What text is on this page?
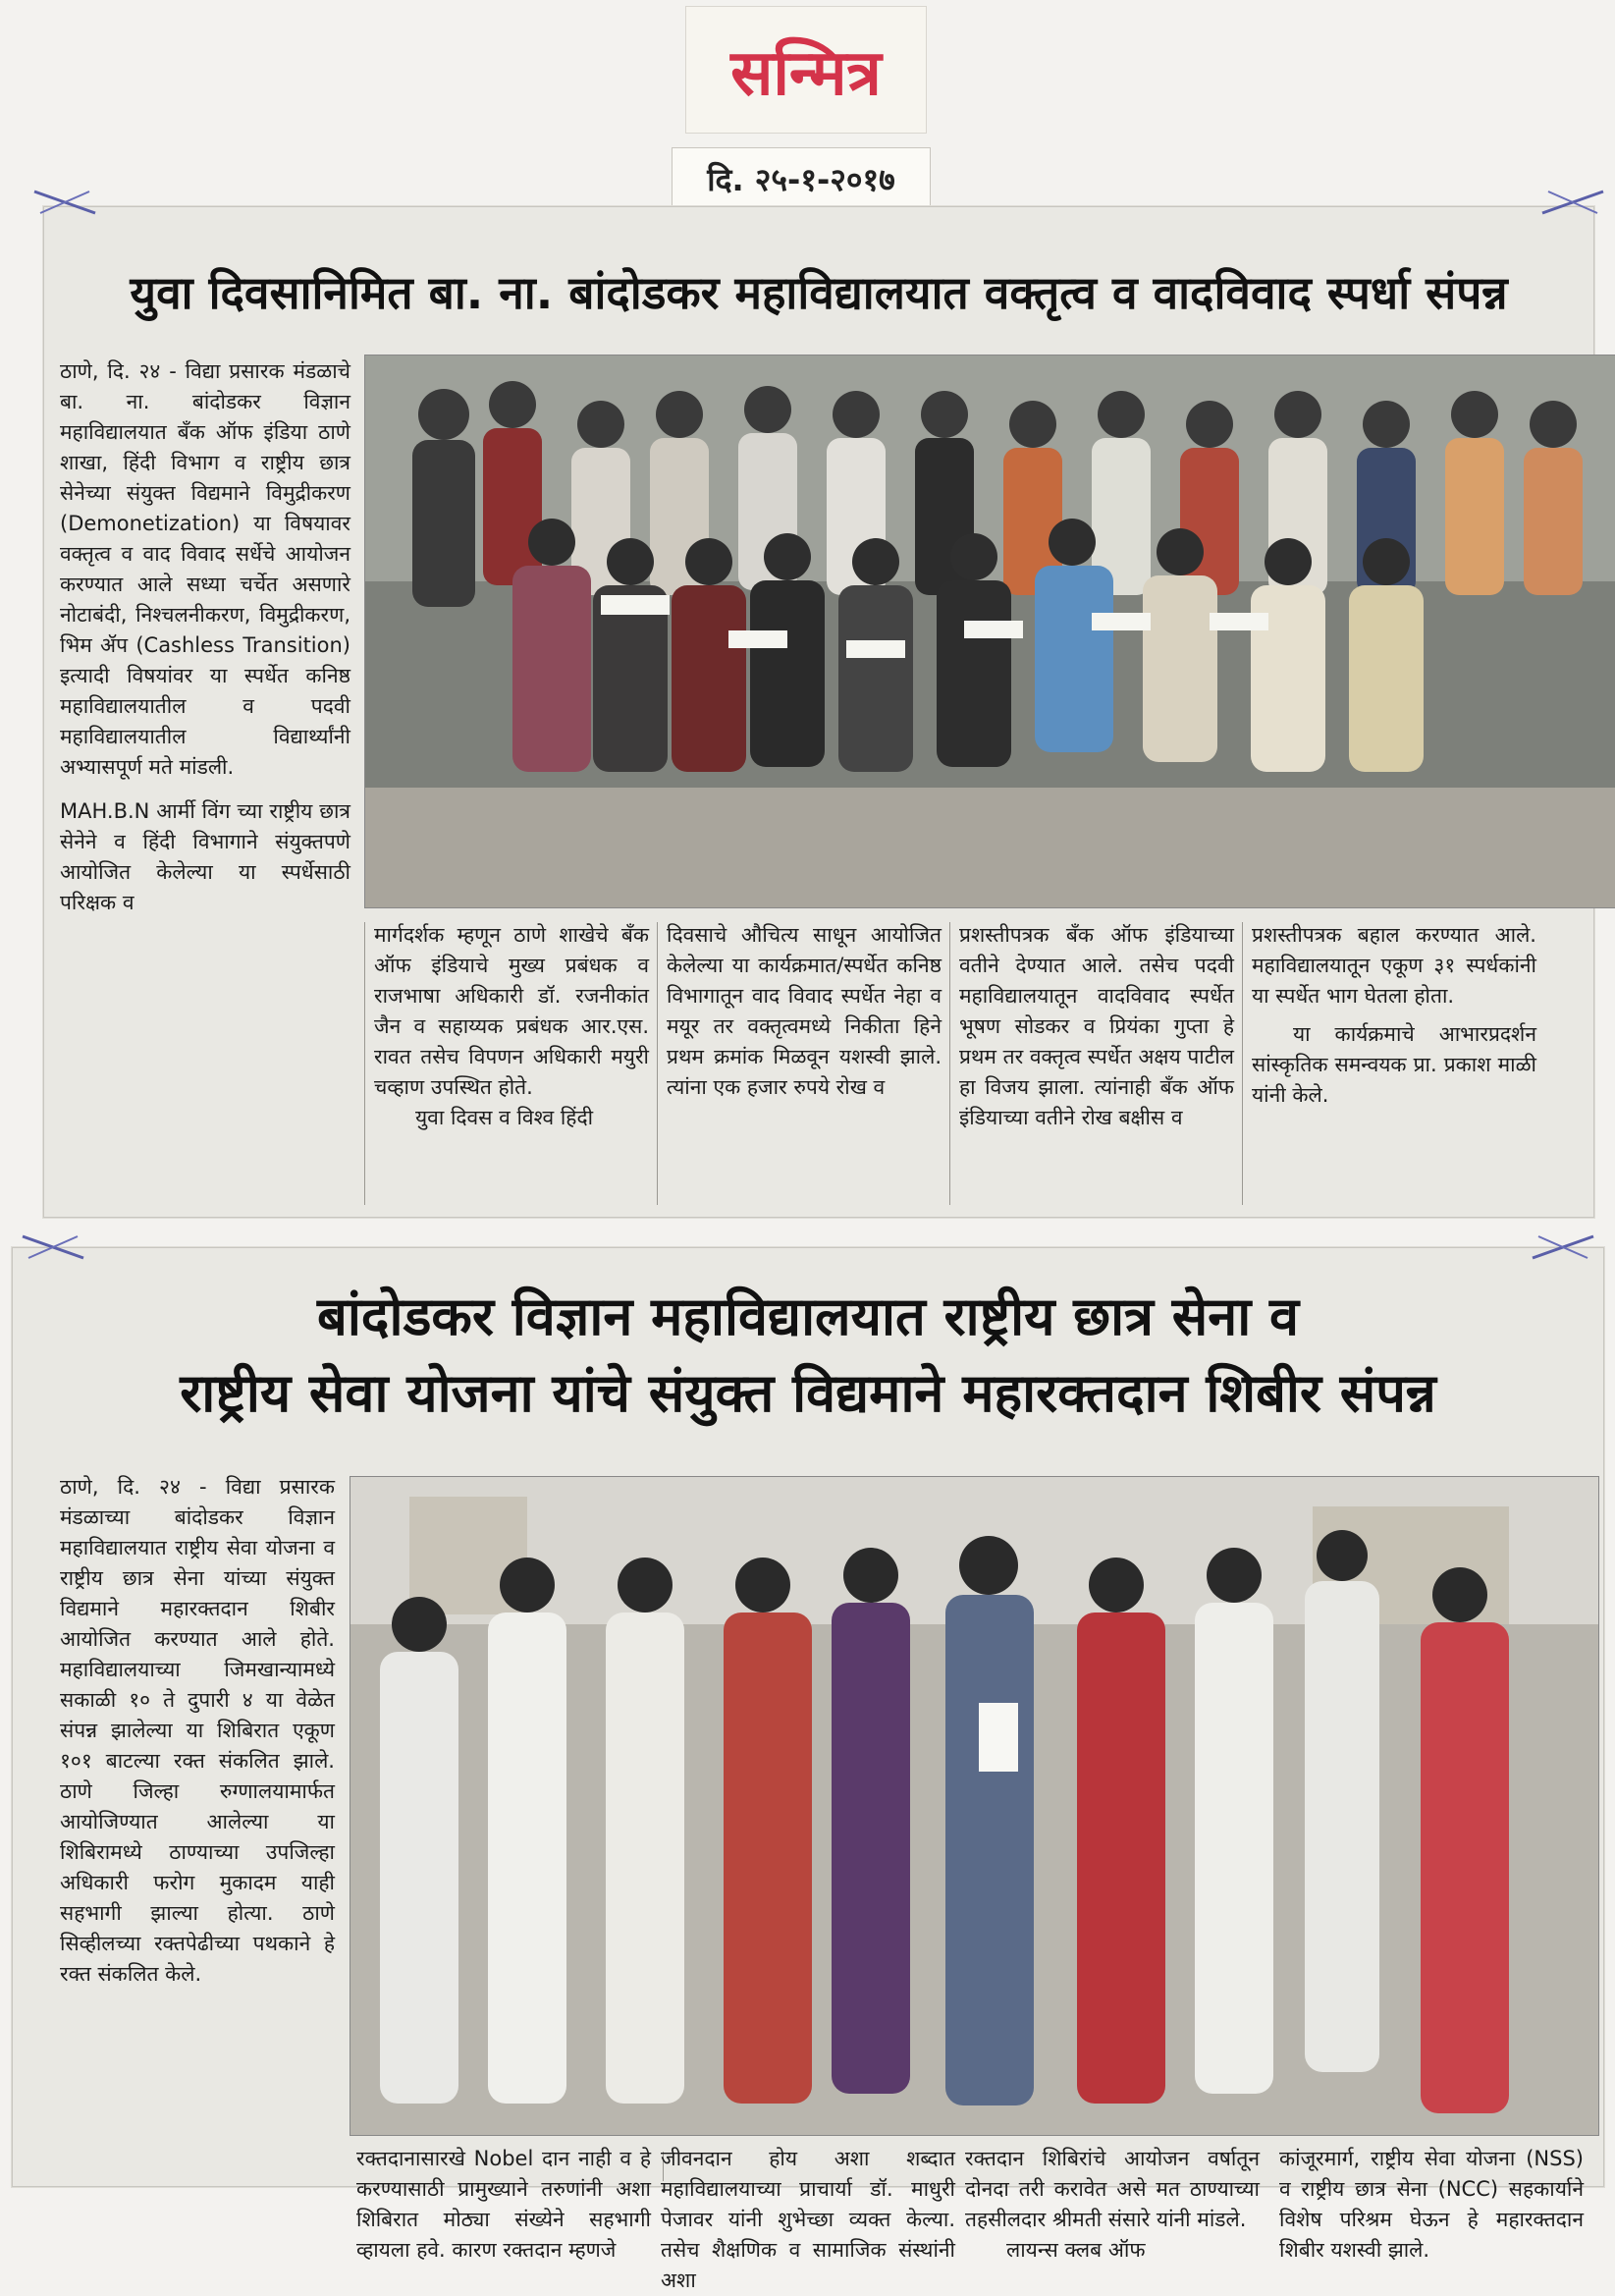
सन्मित्र
दि. २५-१-२०१७
युवा दिवसानिमित बा. ना. बांदोडकर महाविद्यालयात वक्तृत्व व वादविवाद स्पर्धा संपन्न

ठाणे, दि. २४ - विद्या प्रसारक मंडळाचे बा. ना. बांदोडकर विज्ञान महाविद्यालयात बँक ऑफ इंडिया ठाणे शाखा, हिंदी विभाग व राष्ट्रीय छात्र सेनेच्या संयुक्त विद्यमाने विमुद्रीकरण (Demonetization) या विषयावर वक्तृत्व व वाद विवाद सर्धेचे आयोजन करण्यात आले सध्या चर्चेत असणारे नोटाबंदी, निश्चलनीकरण, विमुद्रीकरण, भिम ॲप (Cashless Transition) इत्यादी विषयांवर या स्पर्धेत कनिष्ठ महाविद्यालयातील व पदवी महाविद्यालयातील विद्यार्थ्यांनी अभ्यासपूर्ण मते मांडली.

MAH.B.N आर्मी विंग च्या राष्ट्रीय छात्र सेनेने व हिंदी विभागाने संयुक्तपणे आयोजित केलेल्या या स्पर्धेसाठी परिक्षक व

मार्गदर्शक म्हणून ठाणे शाखेचे बँक ऑफ इंडियाचे मुख्य प्रबंधक व राजभाषा अधिकारी डॉ. रजनीकांत जैन व सहाय्यक प्रबंधक आर.एस. रावत तसेच विपणन अधिकारी मयुरी चव्हाण उपस्थित होते.

युवा दिवस व विश्व हिंदी

दिवसाचे औचित्य साधून आयोजित केलेल्या या कार्यक्रमात/स्पर्धेत कनिष्ठ विभागातून वाद विवाद स्पर्धेत नेहा व मयूर तर वक्तृत्वमध्ये निकीता हिने प्रथम क्रमांक मिळवून यशस्वी झाले. त्यांना एक हजार रुपये रोख व

प्रशस्तीपत्रक बँक ऑफ इंडियाच्या वतीने देण्यात आले. तसेच पदवी महाविद्यालयातून वादविवाद स्पर्धेत भूषण सोडकर व प्रियंका गुप्ता हे प्रथम तर वक्तृत्व स्पर्धेत अक्षय पाटील हा विजय झाला. त्यांनाही बँक ऑफ इंडियाच्या वतीने रोख बक्षीस व

प्रशस्तीपत्रक बहाल करण्यात आले. महाविद्यालयातून एकूण ३१ स्पर्धकांनी या स्पर्धेत भाग घेतला होता.

या कार्यक्रमाचे आभारप्रदर्शन सांस्कृतिक समन्वयक प्रा. प्रकाश माळी यांनी केले.

बांदोडकर विज्ञान महाविद्यालयात राष्ट्रीय छात्र सेना व
राष्ट्रीय सेवा योजना यांचे संयुक्त विद्यमाने महारक्तदान शिबीर संपन्न

ठाणे, दि. २४ - विद्या प्रसारक मंडळाच्या बांदोडकर विज्ञान महाविद्यालयात राष्ट्रीय सेवा योजना व राष्ट्रीय छात्र सेना यांच्या संयुक्त विद्यमाने महारक्तदान शिबीर आयोजित करण्यात आले होते. महाविद्यालयाच्या जिमखान्यामध्ये सकाळी १० ते दुपारी ४ या वेळेत संपन्न झालेल्या या शिबिरात एकूण १०१ बाटल्या रक्त संकलित झाले. ठाणे जिल्हा रुग्णालयामार्फत आयोजिण्यात आलेल्या या शिबिरामध्ये ठाण्याच्या उपजिल्हा अधिकारी फरोग मुकादम याही सहभागी झाल्या होत्या. ठाणे सिव्हीलच्या रक्तपेढीच्या पथकाने हे रक्त संकलित केले.

रक्तदानासारखे Nobel दान नाही व हे करण्यासाठी प्रामुख्याने तरुणांनी अशा शिबिरात मोठ्या संख्येने सहभागी व्हायला हवे. कारण रक्तदान म्हणजे

जीवनदान होय अशा शब्दात महाविद्यालयाच्या प्राचार्या डॉ. माधुरी पेजावर यांनी शुभेच्छा व्यक्त केल्या. तसेच शैक्षणिक व सामाजिक संस्थांनी अशा

रक्तदान शिबिरांचे आयोजन वर्षातून दोनदा तरी करावेत असे मत ठाण्याच्या तहसीलदार श्रीमती संसारे यांनी मांडले.

लायन्स क्लब ऑफ

कांजूरमार्ग, राष्ट्रीय सेवा योजना (NSS) व राष्ट्रीय छात्र सेना (NCC) सहकार्याने विशेष परिश्रम घेऊन हे महारक्तदान शिबीर यशस्वी झाले.
